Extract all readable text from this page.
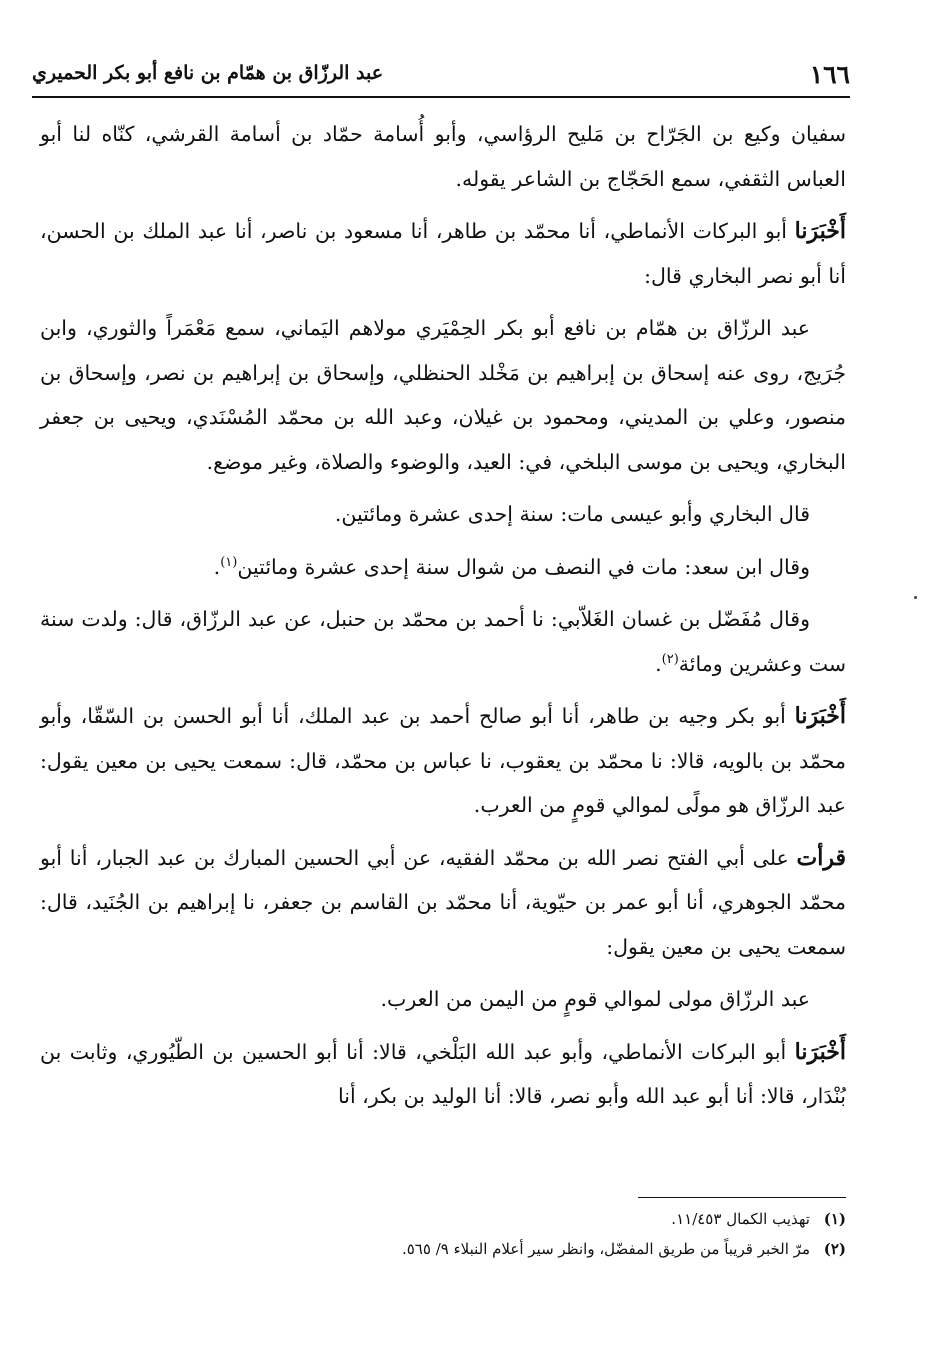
١٦٦
عبد الرزّاق بن همّام بن نافع أبو بكر الحميري

سفيان وكيع بن الجَرّاح بن مَليح الرؤاسي، وأبو أُسامة حمّاد بن أسامة القرشي، كنّاه لنا أبو العباس الثقفي، سمع الحَجّاج بن الشاعر يقوله.

أَخْبَرَنا أبو البركات الأنماطي، أنا محمّد بن طاهر، أنا مسعود بن ناصر، أنا عبد الملك بن الحسن، أنا أبو نصر البخاري قال:

عبد الرزّاق بن همّام بن نافع أبو بكر الحِمْيَري مولاهم اليَماني، سمع مَعْمَراً والثوري، وابن جُرَيج، روى عنه إسحاق بن إبراهيم بن مَخْلد الحنظلي، وإسحاق بن إبراهيم بن نصر، وإسحاق بن منصور، وعلي بن المديني، ومحمود بن غيلان، وعبد الله بن محمّد المُسْنَدي، ويحيى بن جعفر البخاري، ويحيى بن موسى البلخي، في: العيد، والوضوء والصلاة، وغير موضع.

قال البخاري وأبو عيسى مات: سنة إحدى عشرة ومائتين.

وقال ابن سعد: مات في النصف من شوال سنة إحدى عشرة ومائتين$^{(١)}$.

وقال مُفَضّل بن غسان الغَلاّبي: نا أحمد بن محمّد بن حنبل، عن عبد الرزّاق، قال: ولدت سنة ست وعشرين ومائة$^{(٢)}$.

أَخْبَرَنا أبو بكر وجيه بن طاهر، أنا أبو صالح أحمد بن عبد الملك، أنا أبو الحسن بن السّقّا، وأبو محمّد بن بالويه، قالا: نا محمّد بن يعقوب، نا عباس بن محمّد، قال: سمعت يحيى بن معين يقول: عبد الرزّاق هو مولًى لموالي قومٍ من العرب.

قرأت على أبي الفتح نصر الله بن محمّد الفقيه، عن أبي الحسين المبارك بن عبد الجبار، أنا أبو محمّد الجوهري، أنا أبو عمر بن حيّوية، أنا محمّد بن القاسم بن جعفر، نا إبراهيم بن الجُنَيد، قال: سمعت يحيى بن معين يقول:

عبد الرزّاق مولى لموالي قومٍ من اليمن من العرب.

أَخْبَرَنا أبو البركات الأنماطي، وأبو عبد الله البَلْخي، قالا: أنا أبو الحسين بن الطّيُوري، وثابت بن بُنْدَار، قالا: أنا أبو عبد الله وأبو نصر، قالا: أنا الوليد بن بكر، أنا

(١)تهذيب الكمال ١١/٤٥٣.

(٢)مرّ الخبر قريباً من طريق المفضّل، وانظر سير أعلام النبلاء ٩/ ٥٦٥.
